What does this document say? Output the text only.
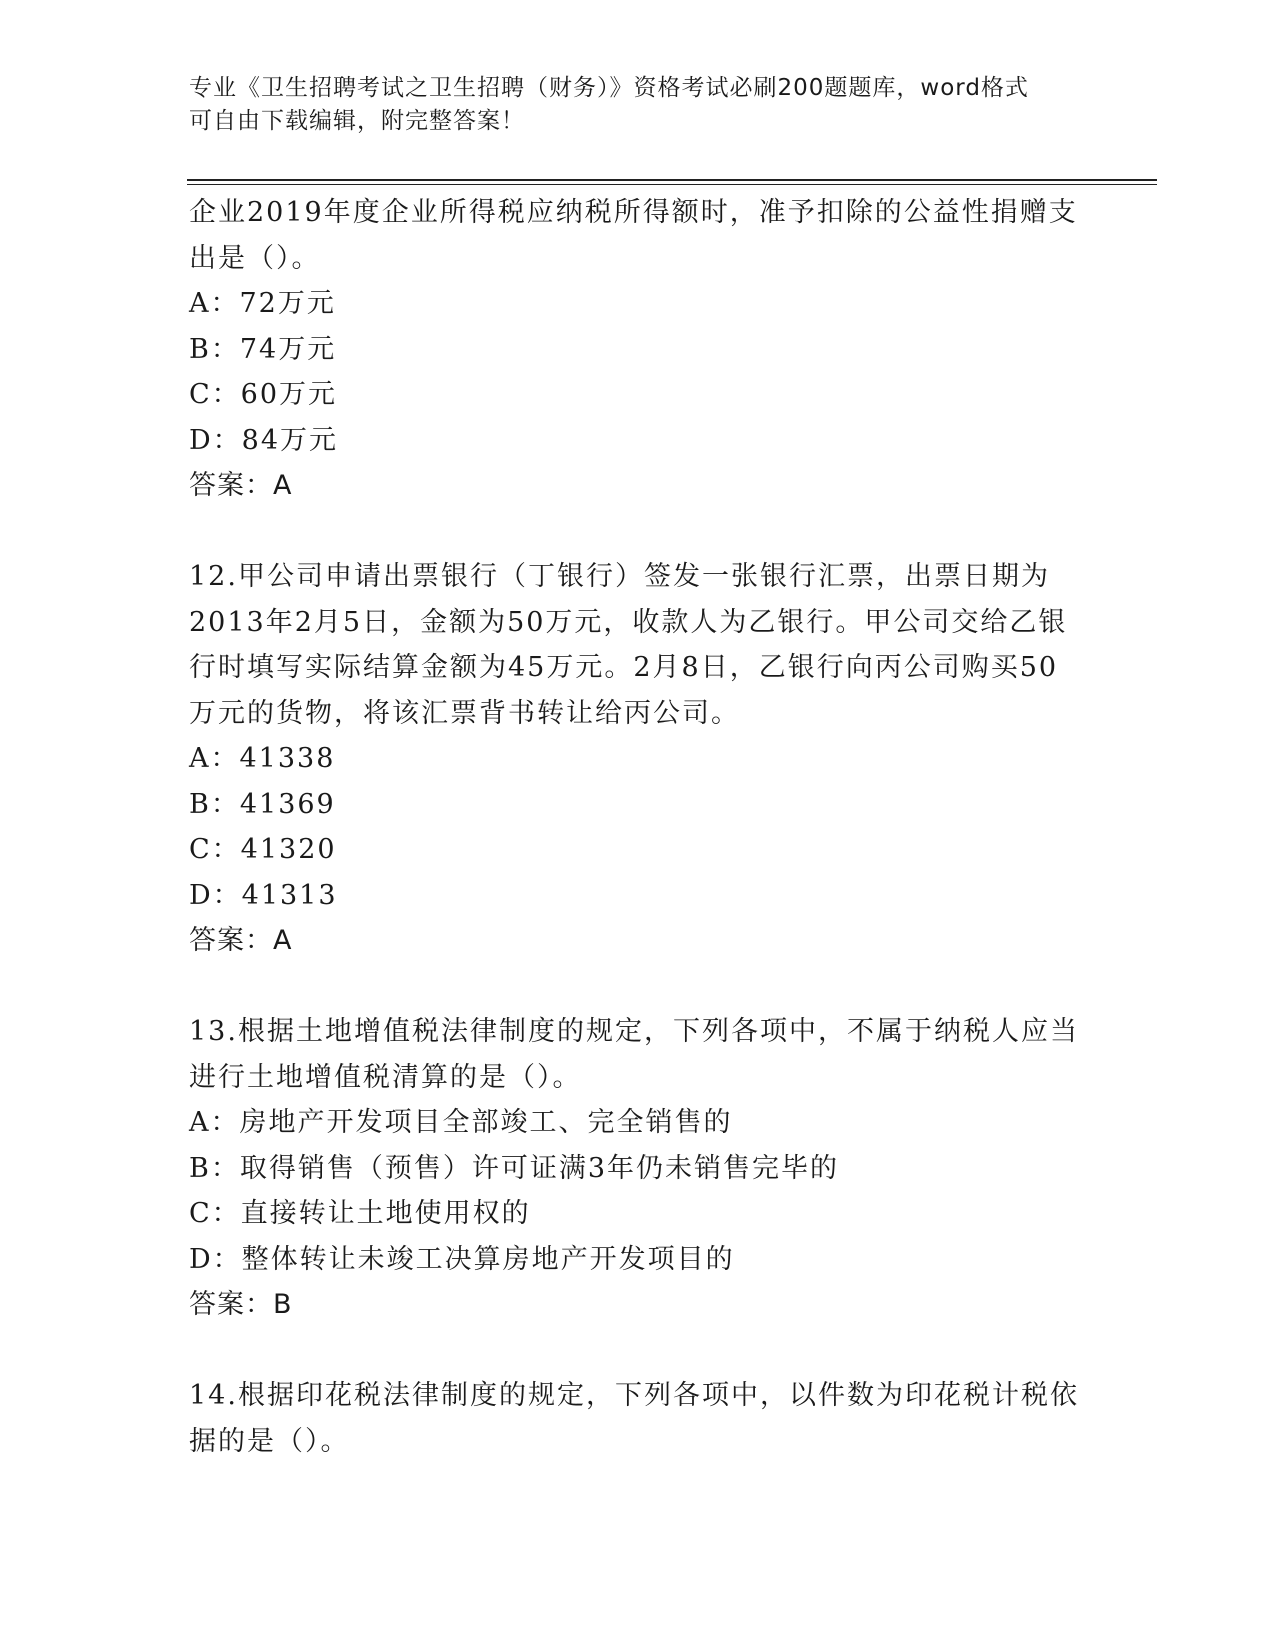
专业《卫生招聘考试之卫生招聘（财务）》资格考试必刷200题题库，word格式
可自由下载编辑，附完整答案！
企业2019年度企业所得税应纳税所得额时，准予扣除的公益性捐赠支
出是（）。
A：72万元
B：74万元
C：60万元
D：84万元
答案：A
12.甲公司申请出票银行（丁银行）签发一张银行汇票，出票日期为
2013年2月5日，金额为50万元，收款人为乙银行。甲公司交给乙银
行时填写实际结算金额为45万元。2月8日，乙银行向丙公司购买50
万元的货物，将该汇票背书转让给丙公司。
A：41338
B：41369
C：41320
D：41313
答案：A
13.根据土地增值税法律制度的规定，下列各项中，不属于纳税人应当
进行土地增值税清算的是（）。
A：房地产开发项目全部竣工、完全销售的
B：取得销售（预售）许可证满3年仍未销售完毕的
C：直接转让土地使用权的
D：整体转让未竣工决算房地产开发项目的
答案：B
14.根据印花税法律制度的规定，下列各项中，以件数为印花税计税依
据的是（）。
